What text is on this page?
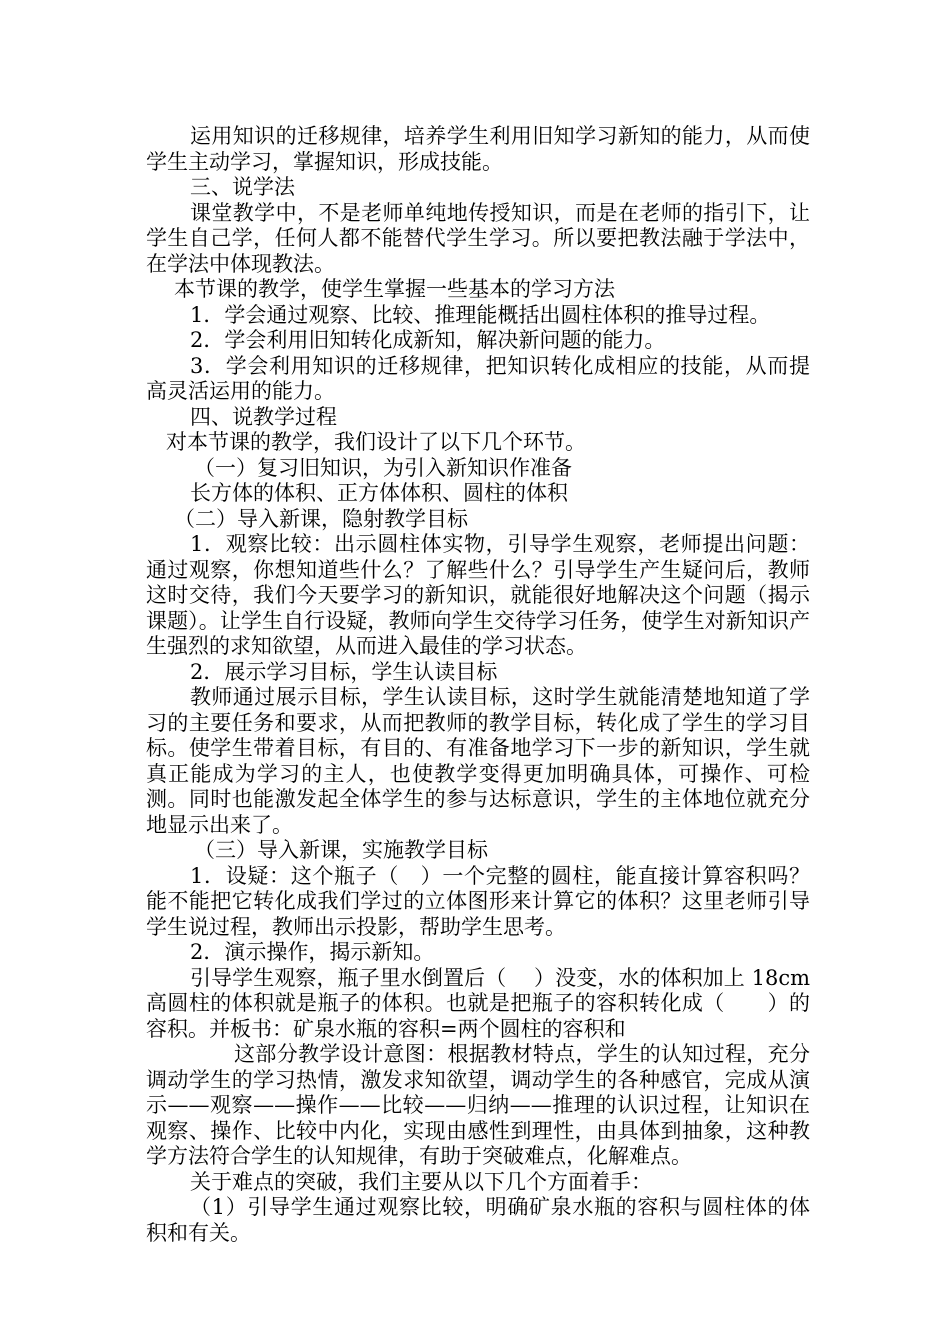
运用知识的迁移规律，培养学生利用旧知学习新知的能力，从而使学生主动学习，掌握知识，形成技能。

三、说学法

课堂教学中，不是老师单纯地传授知识，而是在老师的指引下，让学生自己学，任何人都不能替代学生学习。所以要把教法融于学法中，在学法中体现教法。

本节课的教学，使学生掌握一些基本的学习方法

1．学会通过观察、比较、推理能概括出圆柱体积的推导过程。

2．学会利用旧知转化成新知，解决新问题的能力。

3．学会利用知识的迁移规律，把知识转化成相应的技能，从而提高灵活运用的能力。

四、说教学过程

对本节课的教学，我们设计了以下几个环节。

（一）复习旧知识，为引入新知识作准备

长方体的体积、正方体体积、圆柱的体积

（二）导入新课，隐射教学目标

1．观察比较：出示圆柱体实物，引导学生观察，老师提出问题：通过观察，你想知道些什么？了解些什么？引导学生产生疑问后，教师这时交待，我们今天要学习的新知识，就能很好地解决这个问题（揭示课题）。让学生自行设疑，教师向学生交待学习任务，使学生对新知识产生强烈的求知欲望，从而进入最佳的学习状态。

2．展示学习目标，学生认读目标

教师通过展示目标，学生认读目标，这时学生就能清楚地知道了学习的主要任务和要求，从而把教师的教学目标，转化成了学生的学习目标。使学生带着目标，有目的、有准备地学习下一步的新知识，学生就真正能成为学习的主人，也使教学变得更加明确具体，可操作、可检测。同时也能激发起全体学生的参与达标意识，学生的主体地位就充分地显示出来了。

（三）导入新课，实施教学目标

1．设疑：这个瓶子（　）一个完整的圆柱，能直接计算容积吗？能不能把它转化成我们学过的立体图形来计算它的体积？这里老师引导学生说过程，教师出示投影，帮助学生思考。

2．演示操作，揭示新知。

引导学生观察，瓶子里水倒置后（　 ）没变，水的体积加上 18cm 高圆柱的体积就是瓶子的体积。也就是把瓶子的容积转化成（　　）的容积。并板书：矿泉水瓶的容积=两个圆柱的容积和

这部分教学设计意图：根据教材特点，学生的认知过程，充分调动学生的学习热情，激发求知欲望，调动学生的各种感官，完成从演示——观察——操作——比较——归纳——推理的认识过程，让知识在观察、操作、比较中内化，实现由感性到理性，由具体到抽象，这种教学方法符合学生的认知规律，有助于突破难点，化解难点。

关于难点的突破，我们主要从以下几个方面着手：

（1）引导学生通过观察比较，明确矿泉水瓶的容积与圆柱体的体积和有关。
